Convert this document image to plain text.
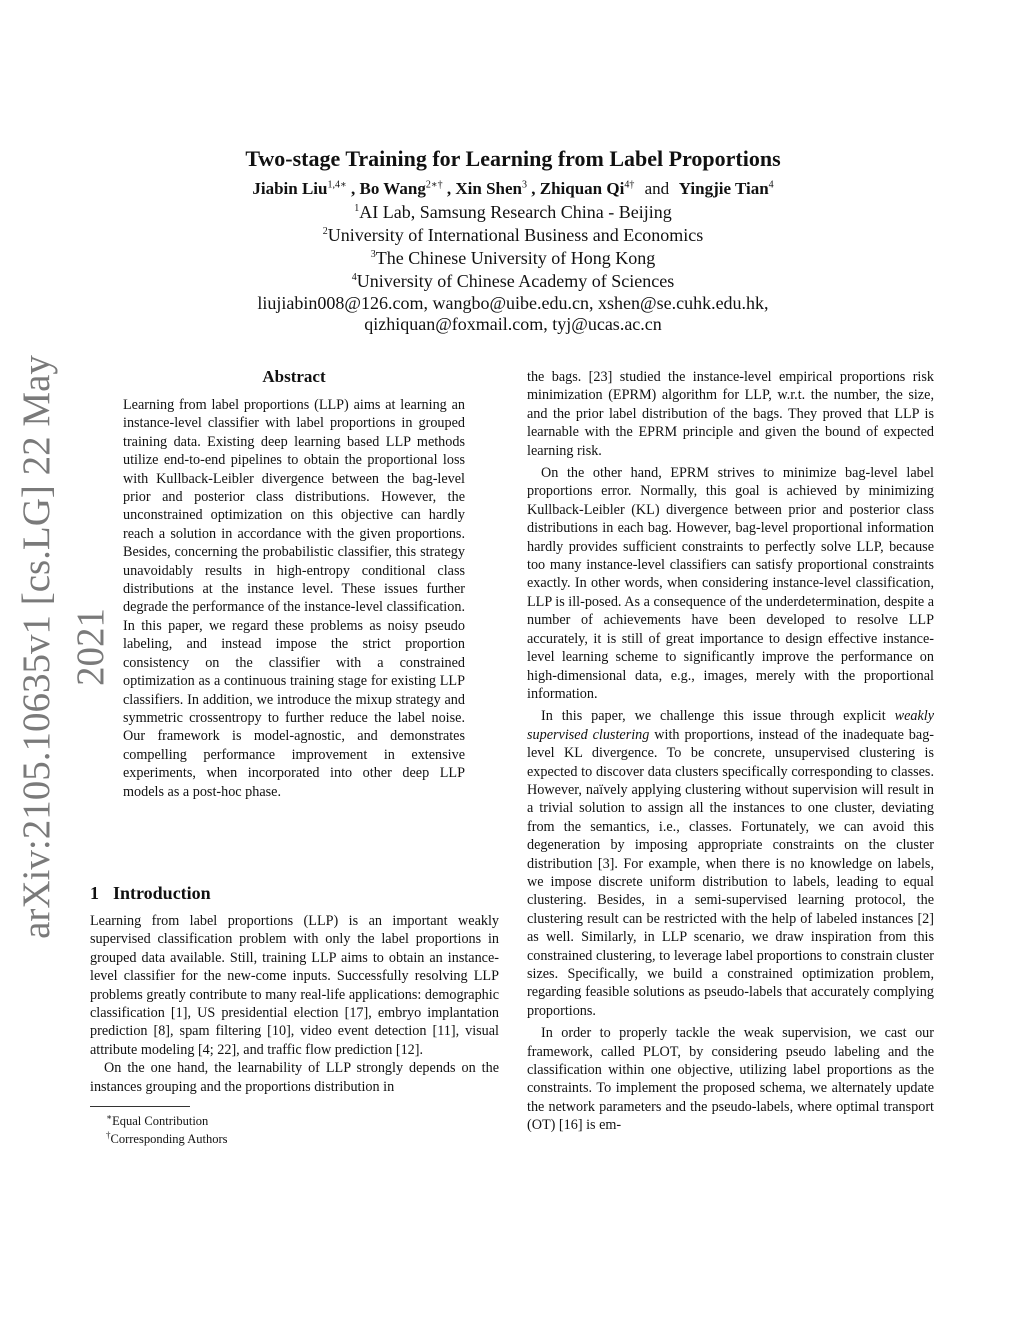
arXiv:2105.10635v1 [cs.LG] 22 May 2021
Two-stage Training for Learning from Label Proportions
Jiabin Liu$^{1,4∗}$ , Bo Wang$^{2∗\dagger}$ , Xin Shen$^3$ , Zhiquan $Qi^{4\dagger}$ and Yingjie Tian$^4$
$^1$AI Lab, Samsung Research China - Beijing
$^2$University of International Business and Economics
$^3$The Chinese University of Hong Kong
$^4$University of Chinese Academy of Sciences
liujiabin008@126.com, wangbo@uibe.edu.cn, xshen@se.cuhk.edu.hk,
qizhiquan@foxmail.com, tyj@ucas.ac.cn
Abstract

Learning from label proportions (LLP) aims at learning an instance-level classifier with label proportions in grouped training data. Existing deep learning based LLP methods utilize end-to-end pipelines to obtain the proportional loss with Kullback-Leibler divergence between the bag-level prior and posterior class distributions. However, the unconstrained optimization on this objective can hardly reach a solution in accordance with the given proportions. Besides, concerning the probabilistic classifier, this strategy unavoidably results in high-entropy conditional class distributions at the instance level. These issues further degrade the performance of the instance-level classification. In this paper, we regard these problems as noisy pseudo labeling, and instead impose the strict proportion consistency on the classifier with a constrained optimization as a continuous training stage for existing LLP classifiers. In addition, we introduce the mixup strategy and symmetric crossentropy to further reduce the label noise. Our framework is model-agnostic, and demonstrates compelling performance improvement in extensive experiments, when incorporated into other deep LLP models as a post-hoc phase.

1 Introduction

Learning from label proportions (LLP) is an important weakly supervised classification problem with only the label proportions in grouped data available. Still, training LLP aims to obtain an instance-level classifier for the new-come inputs. Successfully resolving LLP problems greatly contribute to many real-life applications: demographic classification [1], US presidential election [17], embryo implantation prediction [8], spam filtering [10], video event detection [11], visual attribute modeling [4; 22], and traffic flow prediction [12].

On the one hand, the learnability of LLP strongly depends on the instances grouping and the proportions distribution in

∗Equal Contribution
†Corresponding Authors

the bags. [23] studied the instance-level empirical proportions risk minimization (EPRM) algorithm for LLP, w.r.t. the number, the size, and the prior label distribution of the bags. They proved that LLP is learnable with the EPRM principle and given the bound of expected learning risk.

On the other hand, EPRM strives to minimize bag-level label proportions error. Normally, this goal is achieved by minimizing Kullback-Leibler (KL) divergence between prior and posterior class distributions in each bag. However, bag-level proportional information hardly provides sufficient constraints to perfectly solve LLP, because too many instance-level classifiers can satisfy proportional constraints exactly. In other words, when considering instance-level classification, LLP is ill-posed. As a consequence of the underdetermination, despite a number of achievements have been developed to resolve LLP accurately, it is still of great importance to design effective instance-level learning scheme to significantly improve the performance on high-dimensional data, e.g., images, merely with the proportional information.

In this paper, we challenge this issue through explicit weakly supervised clustering with proportions, instead of the inadequate bag-level KL divergence. To be concrete, unsupervised clustering is expected to discover data clusters specifically corresponding to classes. However, naïvely applying clustering without supervision will result in a trivial solution to assign all the instances to one cluster, deviating from the semantics, i.e., classes. Fortunately, we can avoid this degeneration by imposing appropriate constraints on the cluster distribution [3]. For example, when there is no knowledge on labels, we impose discrete uniform distribution to labels, leading to equal clustering. Besides, in a semi-supervised learning protocol, the clustering result can be restricted with the help of labeled instances [2] as well. Similarly, in LLP scenario, we draw inspiration from this constrained clustering, to leverage label proportions to constrain cluster sizes. Specifically, we build a constrained optimization problem, regarding feasible solutions as pseudo-labels that accurately complying proportions.

In order to properly tackle the weak supervision, we cast our framework, called PLOT, by considering pseudo labeling and the classification within one objective, utilizing label proportions as the constraints. To implement the proposed schema, we alternately update the network parameters and the pseudo-labels, where optimal transport (OT) [16] is em-
